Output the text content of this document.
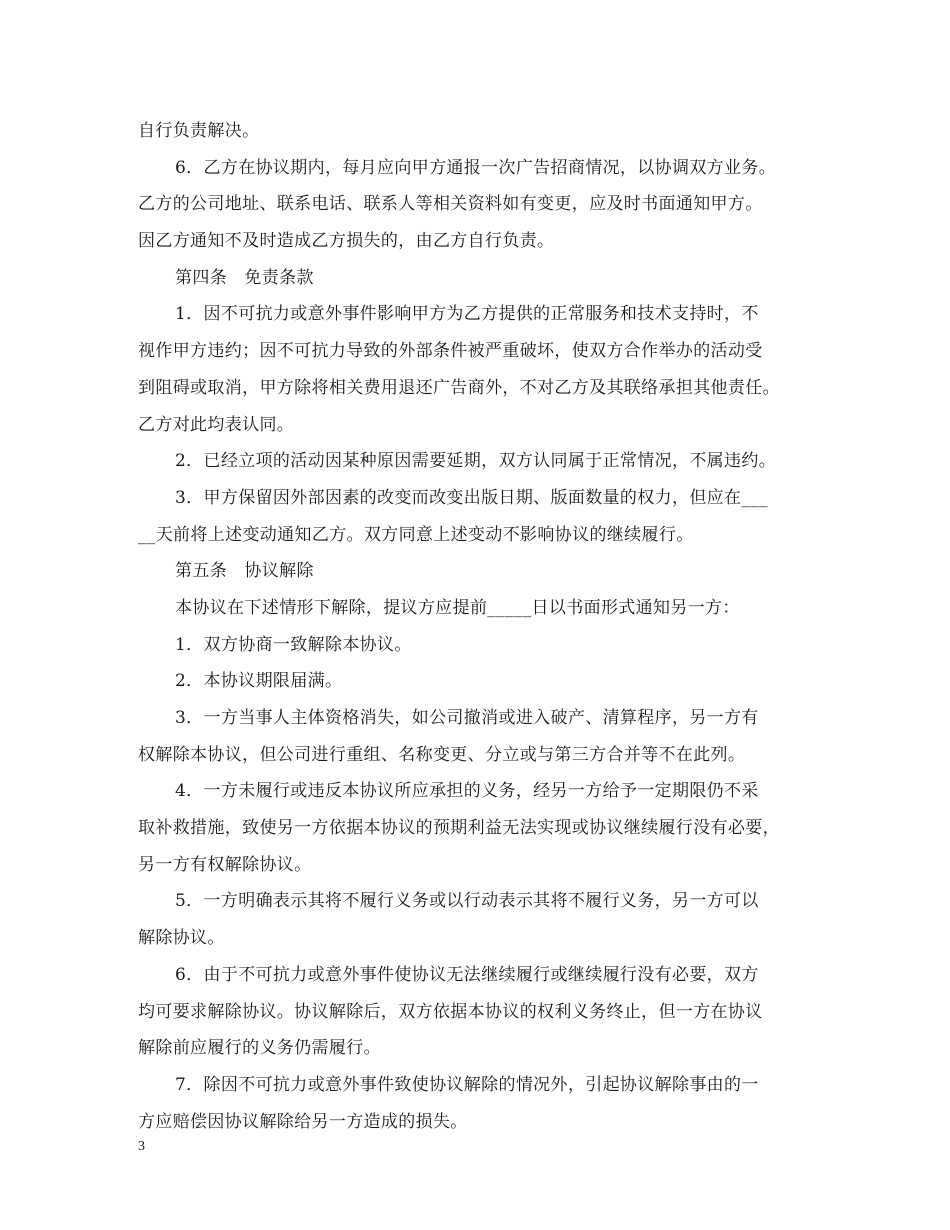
自行负责解决。

6．乙方在协议期内，每月应向甲方通报一次广告招商情况，以协调双方业务。

乙方的公司地址、联系电话、联系人等相关资料如有变更，应及时书面通知甲方。

因乙方通知不及时造成乙方损失的，由乙方自行负责。

第四条　免责条款

1．因不可抗力或意外事件影响甲方为乙方提供的正常服务和技术支持时，不

视作甲方违约；因不可抗力导致的外部条件被严重破坏，使双方合作举办的活动受

到阻碍或取消，甲方除将相关费用退还广告商外，不对乙方及其联络承担其他责任。

乙方对此均表认同。

2．已经立项的活动因某种原因需要延期，双方认同属于正常情况，不属违约。

3．甲方保留因外部因素的改变而改变出版日期、版面数量的权力，但应在___

__天前将上述变动通知乙方。双方同意上述变动不影响协议的继续履行。

第五条　协议解除

本协议在下述情形下解除，提议方应提前_____日以书面形式通知另一方：

1．双方协商一致解除本协议。

2．本协议期限届满。

3．一方当事人主体资格消失，如公司撤消或进入破产、清算程序，另一方有

权解除本协议，但公司进行重组、名称变更、分立或与第三方合并等不在此列。

4．一方未履行或违反本协议所应承担的义务，经另一方给予一定期限仍不采

取补救措施，致使另一方依据本协议的预期利益无法实现或协议继续履行没有必要，

另一方有权解除协议。

5．一方明确表示其将不履行义务或以行动表示其将不履行义务，另一方可以

解除协议。

6．由于不可抗力或意外事件使协议无法继续履行或继续履行没有必要，双方

均可要求解除协议。协议解除后，双方依据本协议的权利义务终止，但一方在协议

解除前应履行的义务仍需履行。

7．除因不可抗力或意外事件致使协议解除的情况外，引起协议解除事由的一

方应赔偿因协议解除给另一方造成的损失。

3
